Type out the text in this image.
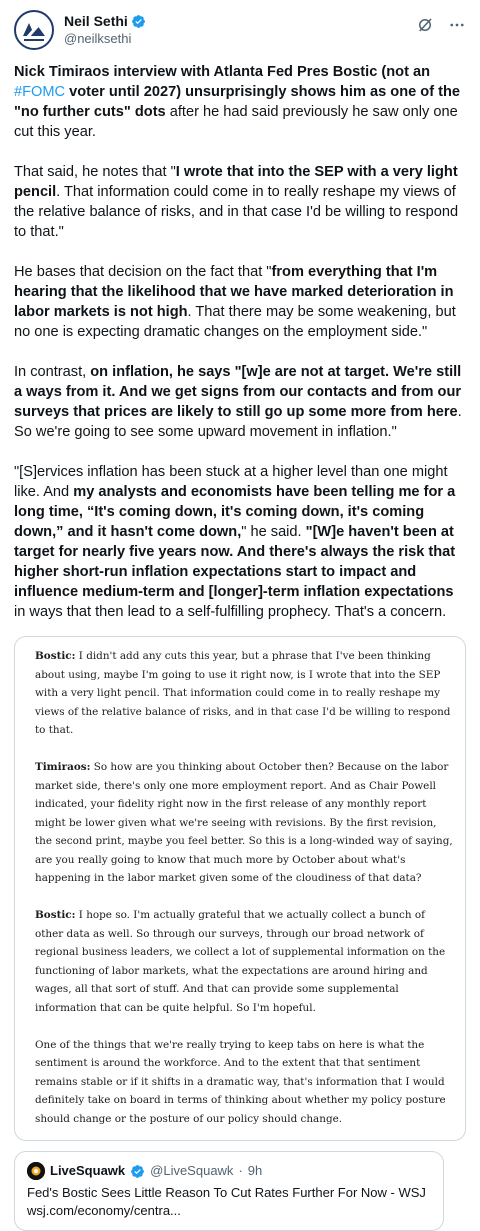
Neil Sethi
@neilksethi

Nick Timiraos interview with Atlanta Fed Pres Bostic (not an #FOMC voter until 2027) unsurprisingly shows him as one of the "no further cuts" dots after he had said previously he saw only one cut this year.

That said, he notes that "I wrote that into the SEP with a very light pencil. That information could come in to really reshape my views of the relative balance of risks, and in that case I'd be willing to respond to that."

He bases that decision on the fact that "from everything that I'm hearing that the likelihood that we have marked deterioration in labor markets is not high. That there may be some weakening, but no one is expecting dramatic changes on the employment side."

In contrast, on inflation, he says "[w]e are not at target. We're still a ways from it. And we get signs from our contacts and from our surveys that prices are likely to still go up some more from here. So we're going to see some upward movement in inflation."

"[S]ervices inflation has been stuck at a higher level than one might like. And my analysts and economists have been telling me for a long time, “It's coming down, it's coming down, it's coming down,” and it hasn't come down," he said. "[W]e haven't been at target for nearly five years now. And there's always the risk that higher short-run inflation expectations start to impact and influence medium-term and [longer]-term inflation expectations in ways that then lead to a self-fulfilling prophecy. That's a concern.

Bostic: I didn't add any cuts this year, but a phrase that I've been thinking about using, maybe I'm going to use it right now, is I wrote that into the SEP with a very light pencil. That information could come in to really reshape my views of the relative balance of risks, and in that case I'd be willing to respond to that.

Timiraos: So how are you thinking about October then? Because on the labor market side, there's only one more employment report. And as Chair Powell indicated, your fidelity right now in the first release of any monthly report might be lower given what we're seeing with revisions. By the first revision, the second print, maybe you feel better. So this is a long-winded way of saying, are you really going to know that much more by October about what's happening in the labor market given some of the cloudiness of that data?

Bostic: I hope so. I'm actually grateful that we actually collect a bunch of other data as well. So through our surveys, through our broad network of regional business leaders, we collect a lot of supplemental information on the functioning of labor markets, what the expectations are around hiring and wages, all that sort of stuff. And that can provide some supplemental information that can be quite helpful. So I'm hopeful.

One of the things that we're really trying to keep tabs on here is what the sentiment is around the workforce. And to the extent that that sentiment remains stable or if it shifts in a dramatic way, that's information that I would definitely take on board in terms of thinking about whether my policy posture should change or the posture of our policy should change.

LiveSquawk @LiveSquawk · 9h
Fed's Bostic Sees Little Reason To Cut Rates Further For Now - WSJ
wsj.com/economy/centra...
